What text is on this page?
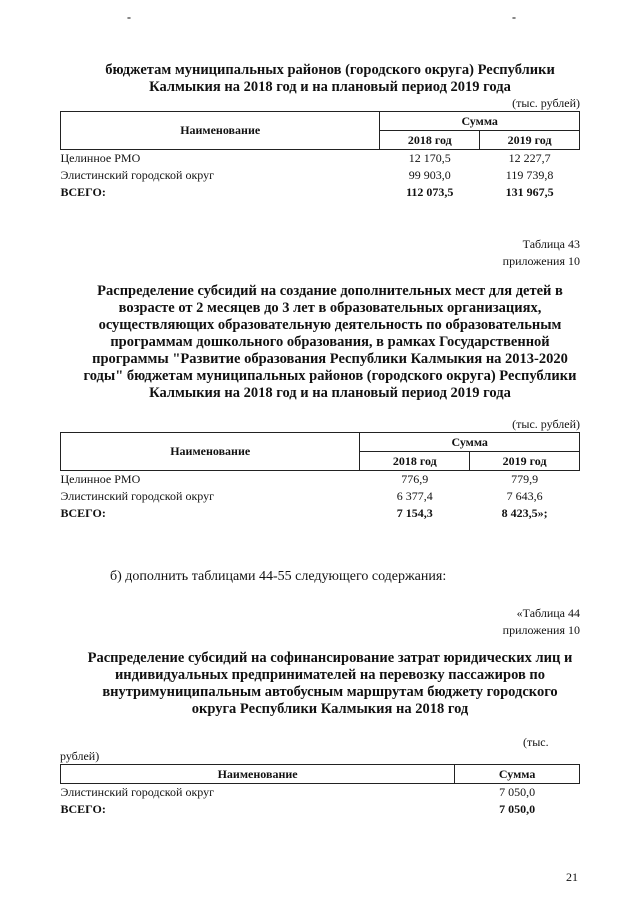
-	-
бюджетам муниципальных районов (городского округа) Республики
Калмыкия на 2018 год и на плановый период 2019 года
(тыс. рублей)
Наименование	Сумма	
	2018 год	2019 год
Целинное РМО	12 170,5	12 227,7
Элистинский городской округ	99 903,0	119 739,8
ВСЕГО:	112 073,5	131 967,5
Таблица 43
приложения 10
Распределение субсидий на создание дополнительных мест для детей в
возрасте от 2 месяцев до 3 лет в образовательных организациях,
осуществляющих образовательную деятельность по образовательным
программам дошкольного образования, в рамках Государственной
программы "Развитие образования Республики Калмыкия на 2013-2020
годы" бюджетам муниципальных районов (городского округа) Республики
Калмыкия на 2018 год и на плановый период 2019 года
(тыс. рублей)
Наименование	Сумма	
	2018 год	2019 год
Целинное РМО	776,9	779,9
Элистинский городской округ	6 377,4	7 643,6
ВСЕГО:	7 154,3	8 423,5»;
б) дополнить таблицами 44-55 следующего содержания:
«Таблица 44
приложения 10
Распределение субсидий на софинансирование затрат юридических лиц и
индивидуальных предпринимателей на перевозку пассажиров по
внутримуниципальным автобусным маршрутам бюджету городского
округа Республики Калмыкия на 2018 год
(тыс.
рублей)
Наименование	Сумма
Элистинский городской округ	7 050,0
ВСЕГО:	7 050,0
21
